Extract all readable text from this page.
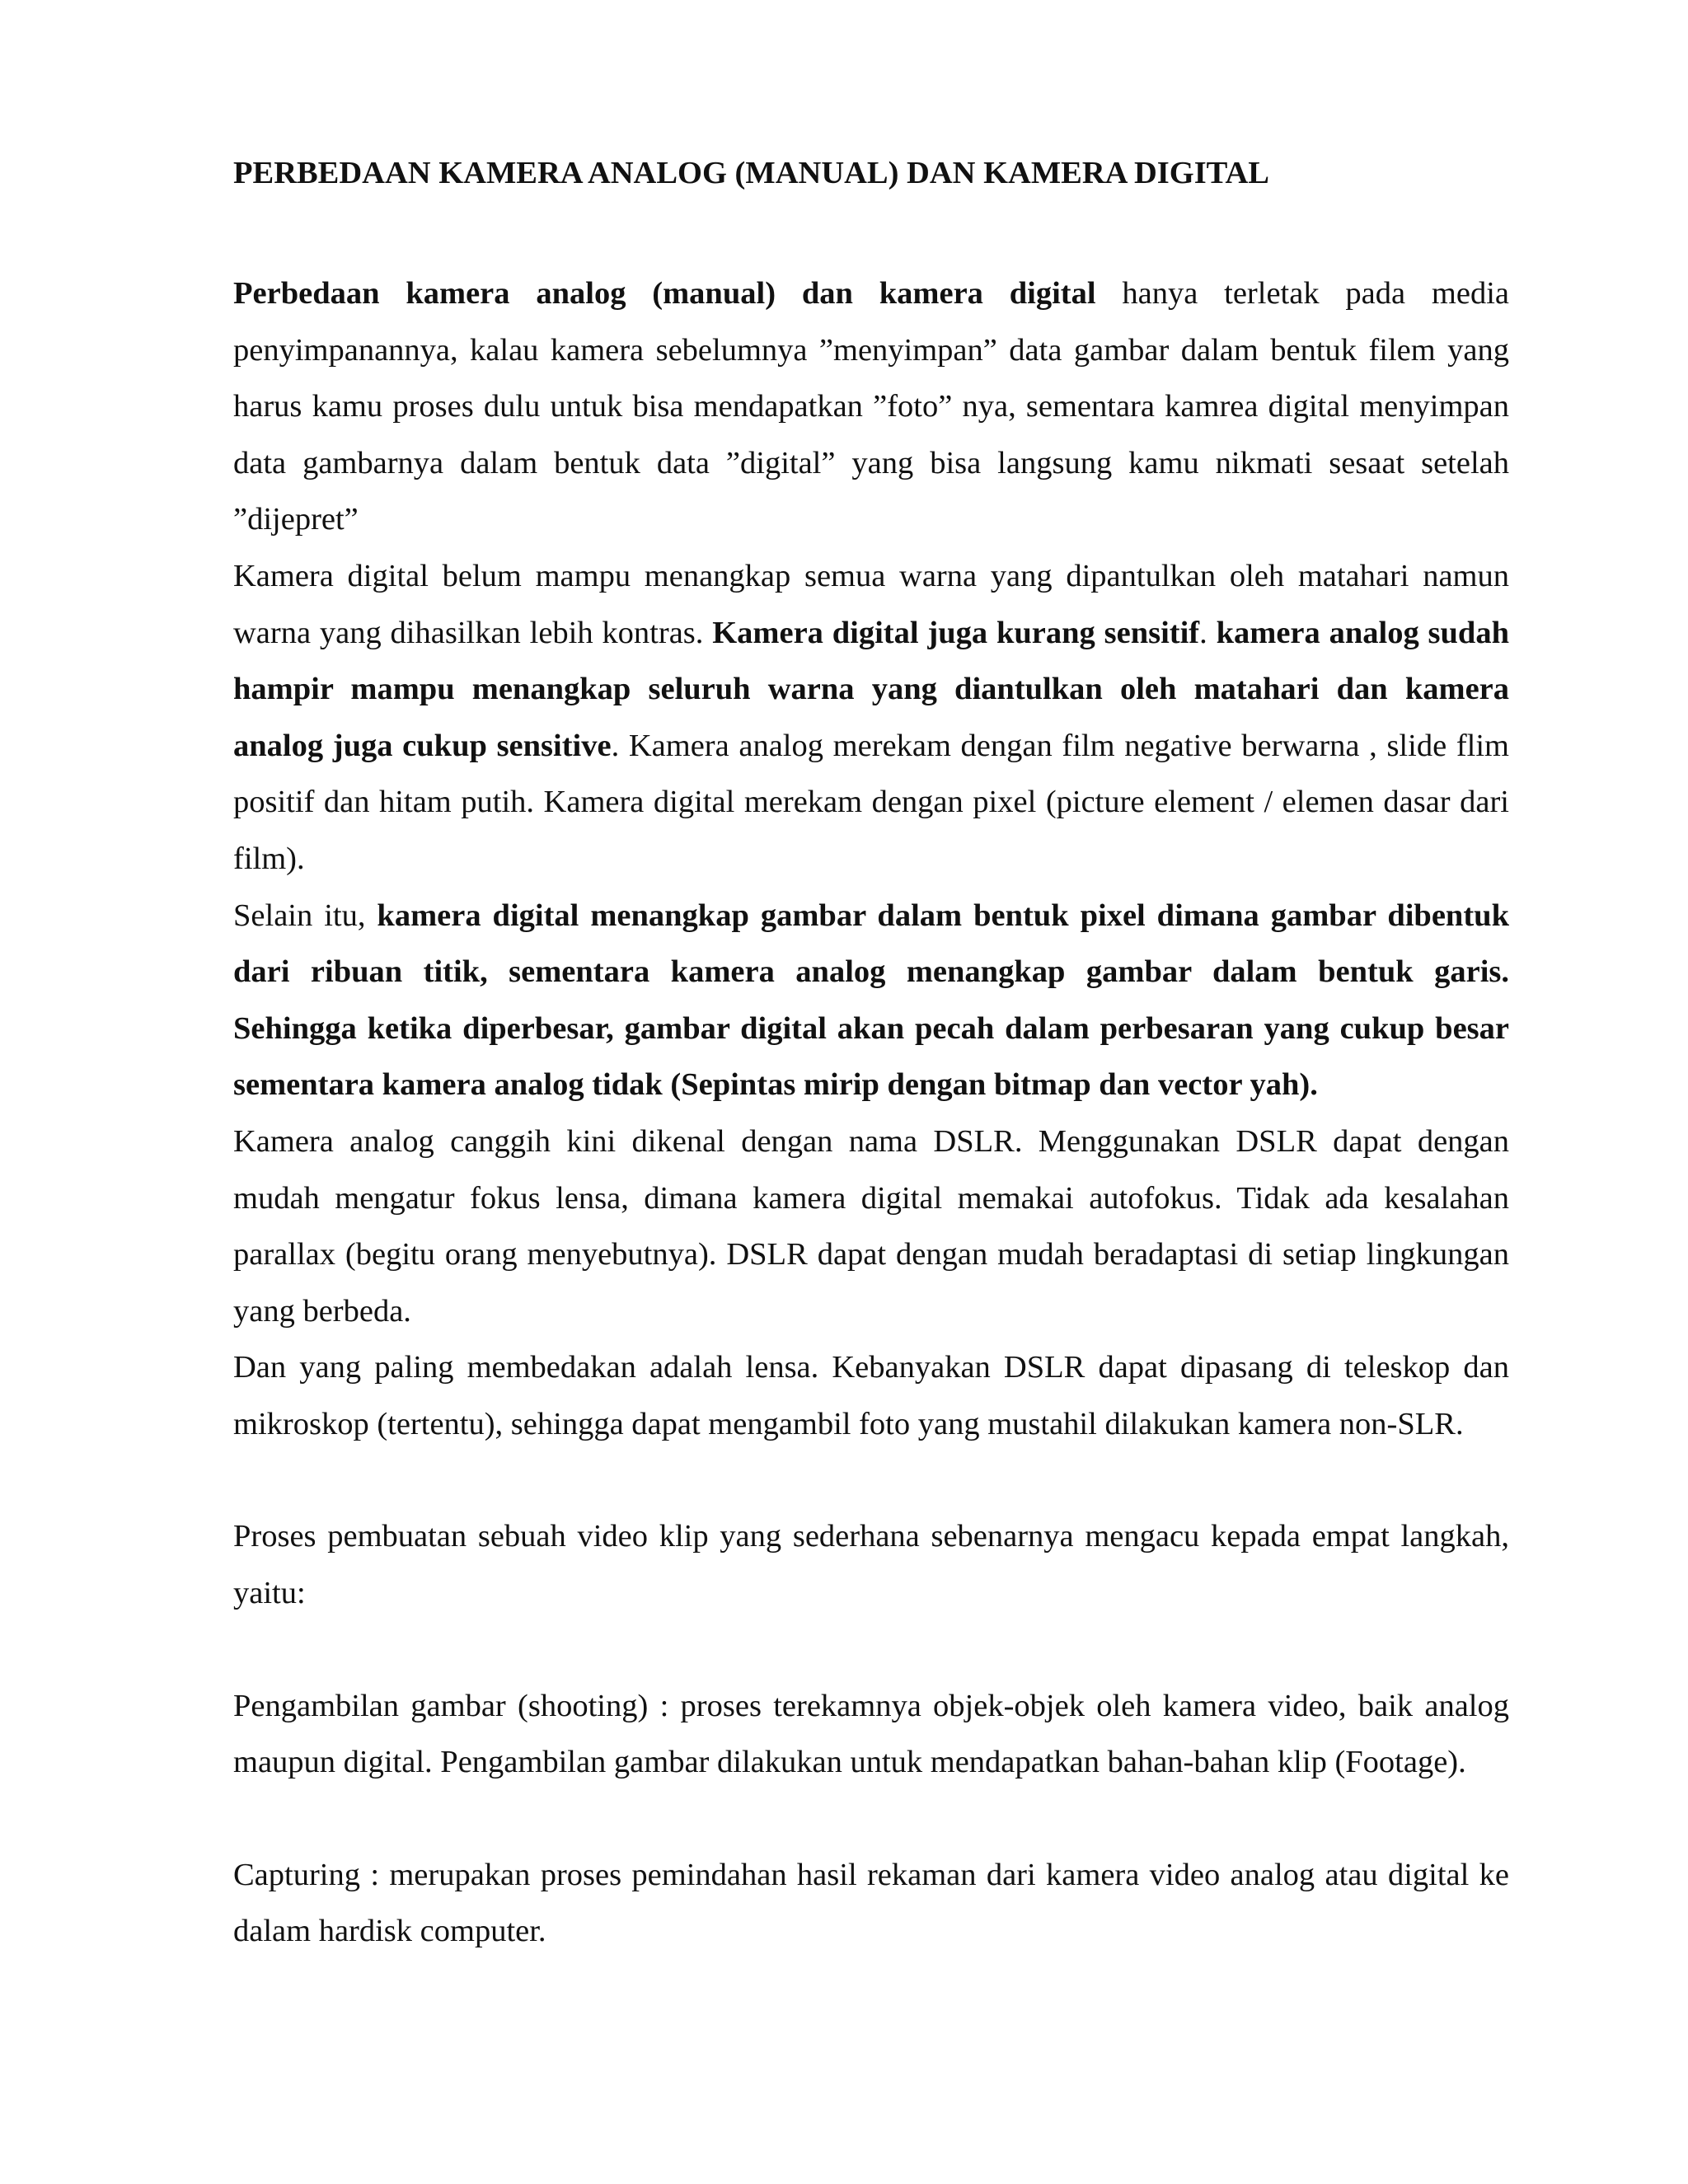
PERBEDAAN KAMERA ANALOG (MANUAL) DAN KAMERA DIGITAL

Perbedaan kamera analog (manual) dan kamera digital hanya terletak pada media penyimpanannya, kalau kamera sebelumnya ”menyimpan” data gambar dalam bentuk filem yang harus kamu proses dulu untuk bisa mendapatkan ”foto” nya, sementara kamrea digital menyimpan data gambarnya dalam bentuk data ”digital” yang bisa langsung kamu nikmati sesaat setelah ”dijepret”

Kamera digital belum mampu menangkap semua warna yang dipantulkan oleh matahari namun warna yang dihasilkan lebih kontras. Kamera digital juga kurang sensitif. kamera analog sudah hampir mampu menangkap seluruh warna yang diantulkan oleh matahari dan kamera analog juga cukup sensitive. Kamera analog merekam dengan film negative berwarna , slide flim positif dan hitam putih. Kamera digital merekam dengan pixel (picture element / elemen dasar dari film).

Selain itu, kamera digital menangkap gambar dalam bentuk pixel dimana gambar dibentuk dari ribuan titik, sementara kamera analog menangkap gambar dalam bentuk garis. Sehingga ketika diperbesar, gambar digital akan pecah dalam perbesaran yang cukup besar sementara kamera analog tidak (Sepintas mirip dengan bitmap dan vector yah).

Kamera analog canggih kini dikenal dengan nama DSLR. Menggunakan DSLR dapat dengan mudah mengatur fokus lensa, dimana kamera digital memakai autofokus. Tidak ada kesalahan parallax (begitu orang menyebutnya). DSLR dapat dengan mudah beradaptasi di setiap lingkungan yang berbeda.

Dan yang paling membedakan adalah lensa. Kebanyakan DSLR dapat dipasang di teleskop dan mikroskop (tertentu), sehingga dapat mengambil foto yang mustahil dilakukan kamera non-SLR.

Proses pembuatan sebuah video klip yang sederhana sebenarnya mengacu kepada empat langkah, yaitu:

Pengambilan gambar (shooting) : proses terekamnya objek-objek oleh kamera video, baik analog maupun digital. Pengambilan gambar dilakukan untuk mendapatkan bahan-bahan klip (Footage).

Capturing : merupakan proses pemindahan hasil rekaman dari kamera video analog atau digital ke dalam hardisk computer.
